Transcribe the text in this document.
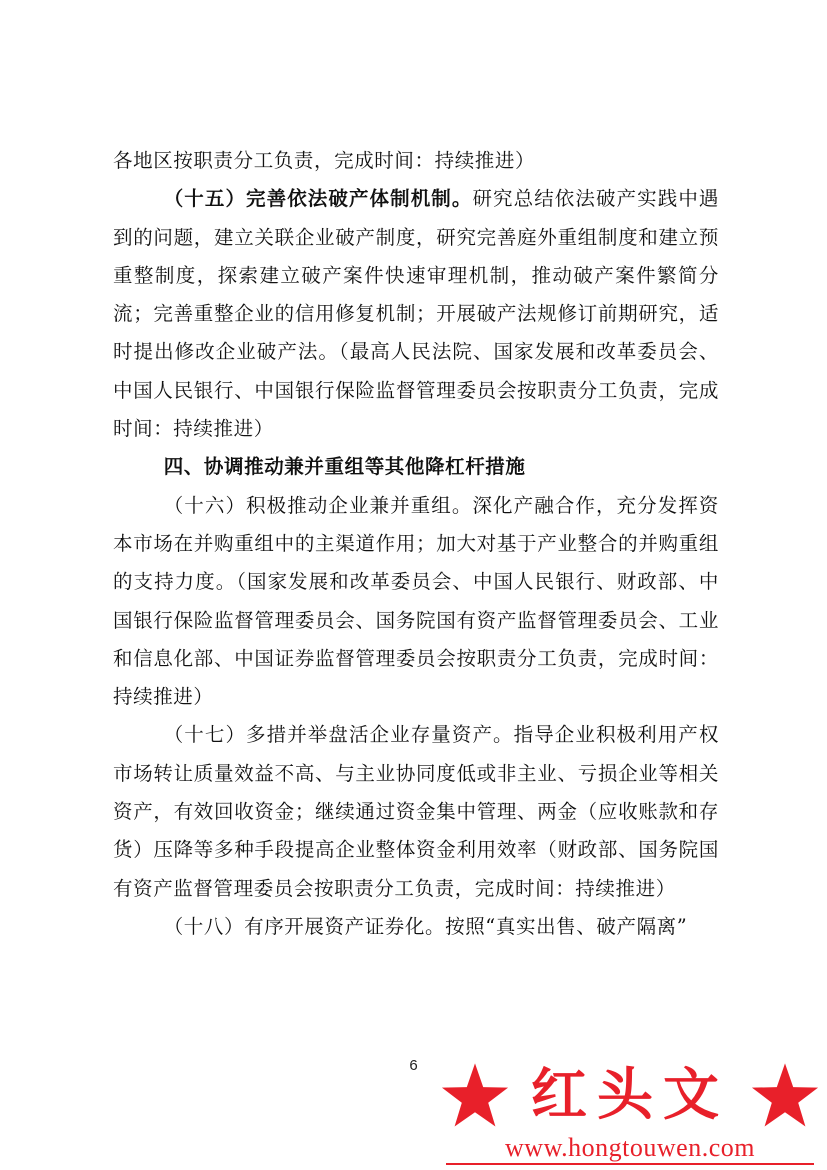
各地区按职责分工负责，完成时间：持续推进）

（十五）完善依法破产体制机制。研究总结依法破产实践中遇到的问题，建立关联企业破产制度，研究完善庭外重组制度和建立预重整制度，探索建立破产案件快速审理机制，推动破产案件繁简分流；完善重整企业的信用修复机制；开展破产法规修订前期研究，适时提出修改企业破产法。（最高人民法院、国家发展和改革委员会、中国人民银行、中国银行保险监督管理委员会按职责分工负责，完成时间：持续推进）

四、协调推动兼并重组等其他降杠杆措施

（十六）积极推动企业兼并重组。深化产融合作，充分发挥资本市场在并购重组中的主渠道作用；加大对基于产业整合的并购重组的支持力度。（国家发展和改革委员会、中国人民银行、财政部、中国银行保险监督管理委员会、国务院国有资产监督管理委员会、工业和信息化部、中国证券监督管理委员会按职责分工负责，完成时间：持续推进）

（十七）多措并举盘活企业存量资产。指导企业积极利用产权市场转让质量效益不高、与主业协同度低或非主业、亏损企业等相关资产，有效回收资金；继续通过资金集中管理、两金（应收账款和存货）压降等多种手段提高企业整体资金利用效率（财政部、国务院国有资产监督管理委员会按职责分工负责，完成时间：持续推进）

（十八）有序开展资产证券化。按照“真实出售、破产隔离”

6	红头文
www.hongtouwen.com
